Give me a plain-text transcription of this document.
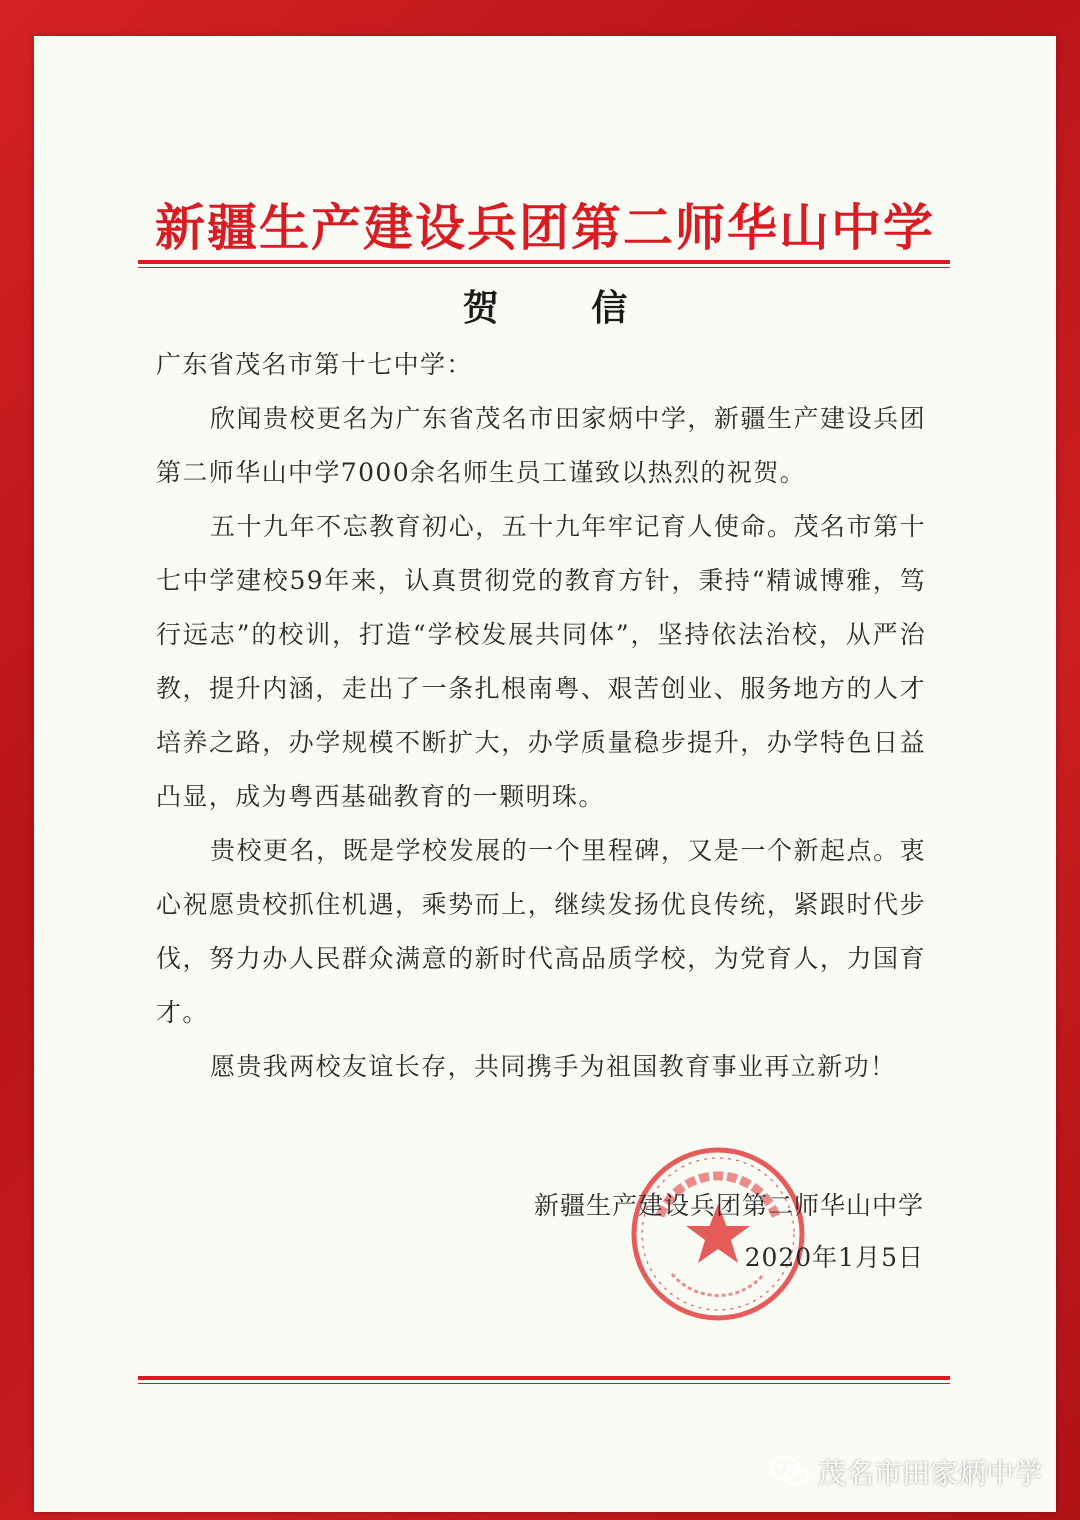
新疆生产建设兵团第二师华山中学
贺 信

广东省茂名市第十七中学：

欣闻贵校更名为广东省茂名市田家炳中学，新疆生产建设兵团第二师华山中学7000余名师生员工谨致以热烈的祝贺。

五十九年不忘教育初心，五十九年牢记育人使命。茂名市第十七中学建校59年来，认真贯彻党的教育方针，秉持“精诚博雅，笃行远志”的校训，打造“学校发展共同体”，坚持依法治校，从严治教，提升内涵，走出了一条扎根南粤、艰苦创业、服务地方的人才培养之路，办学规模不断扩大，办学质量稳步提升，办学特色日益凸显，成为粤西基础教育的一颗明珠。

贵校更名，既是学校发展的一个里程碑，又是一个新起点。衷心祝愿贵校抓住机遇，乘势而上，继续发扬优良传统，紧跟时代步伐，努力办人民群众满意的新时代高品质学校，为党育人，力国育才。

愿贵我两校友谊长存，共同携手为祖国教育事业再立新功！

新疆生产建设兵团第二师华山中学
2020年1月5日
茂名市田家炳中学
